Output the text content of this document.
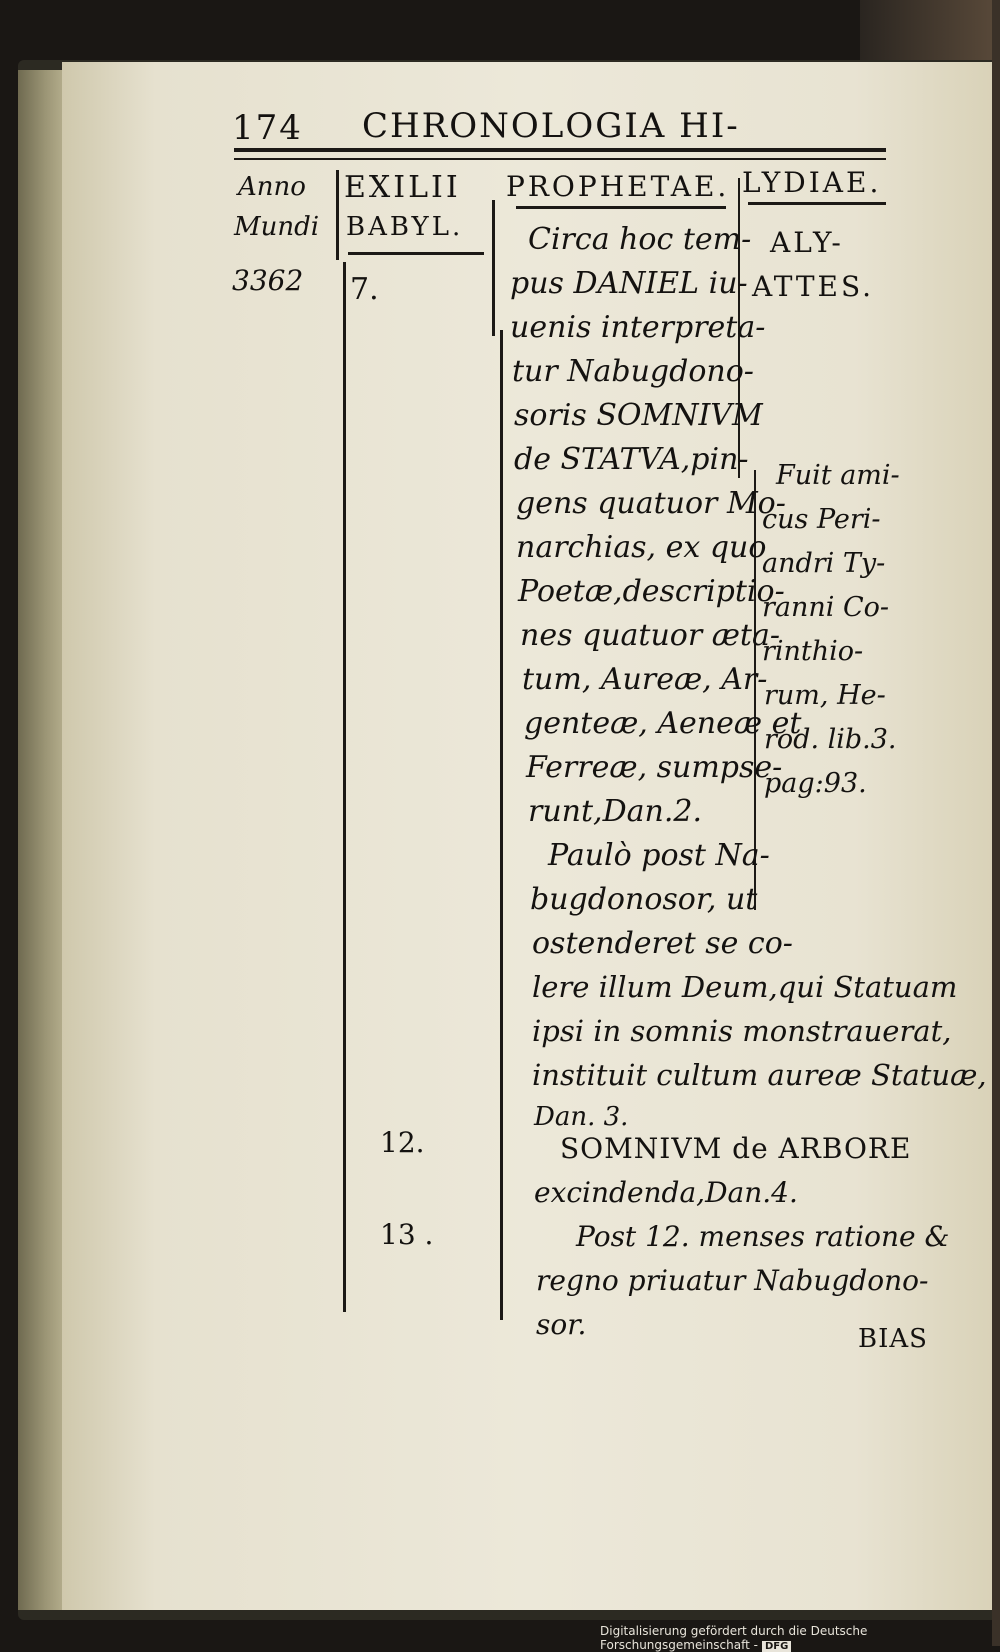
174 CHRONOLOGIA HI-
Anno
Mundi
3362
EXILII
BABYL.
PROPHETAE. LYDIAE.
7.
12.
13 .
Circa hoc tem-
pus DANIEL iu-
uenis interpreta-
tur Nabugdono-
soris SOMNIVM
de STATVA,pin-
gens quatuor Mo-
narchias, ex quo
Poetæ,descriptio-
nes quatuor æta-
tum, Aureæ, Ar-
genteæ, Aeneæ et
Ferreæ, sumpse-
runt,Dan.2.
Paulò post Na-
bugdonosor, ut
ostenderet se co-
lere illum Deum,qui Statuam
ipsi in somnis monstrauerat,
instituit cultum aureæ Statuæ,
Dan. 3.
SOMNIVM de ARBORE
excindenda,Dan.4.
Post 12. menses ratione &
regno priuatur Nabugdono-
sor.
ALY-
ATTES.
Fuit ami-
cus Peri-
andri Ty-
ranni Co-
rinthio-
rum, He-
rod. lib.3.
pag:93.
BIAS
Digitalisierung gefördert durch die Deutsche Forschungsgemeinschaft - DFG
